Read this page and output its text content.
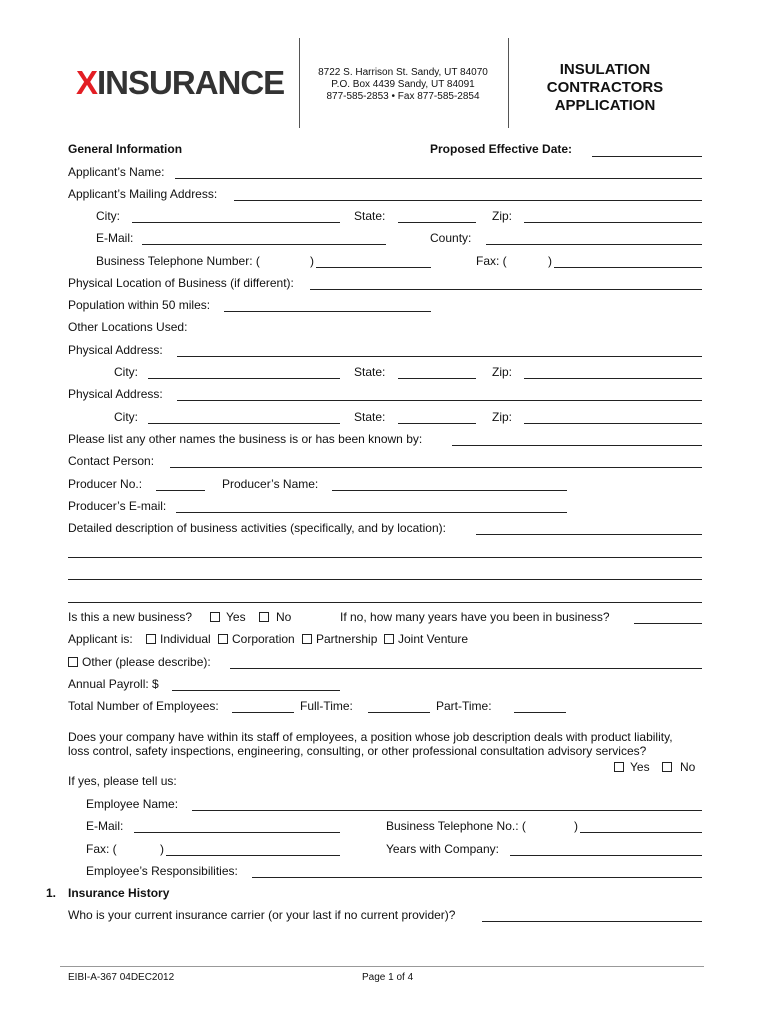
XINSURANCE	8722 S. Harrison St. Sandy, UT 84070
P.O. Box 4439 Sandy, UT 84091
877-585-2853 • Fax 877-585-2854
INSULATION
CONTRACTORS
APPLICATION
General Information	Proposed Effective Date:
Applicant’s Name:
Applicant’s Mailing Address:
City:	State:	Zip:
E-Mail:	County:
Business Telephone Number: (	)	Fax: (	)
Physical Location of Business (if different):
Population within 50 miles:
Other Locations Used:
Physical Address:
City:	State:	Zip:
Physical Address:
City:	State:	Zip:
Please list any other names the business is or has been known by:
Contact Person:
Producer No.:	Producer’s Name:
Producer’s E-mail:
Detailed description of business activities (specifically, and by location):
Is this a new business?	Yes	No	If no, how many years have you been in business?
Applicant is: Individual Corporation Partnership Joint Venture
Other (please describe):
Annual Payroll: $
Total Number of Employees:	Full-Time:	Part-Time:
Does your company have within its staff of employees, a position whose job description deals with product liability, loss control, safety inspections, engineering, consulting, or other professional consultation advisory services?
Yes	No
If yes, please tell us:
Employee Name:
E-Mail:	Business Telephone No.: (	)
Fax: (	)	Years with Company:
Employee’s Responsibilities:
1. Insurance History
Who is your current insurance carrier (or your last if no current provider)?
EIBI-A-367 04DEC2012	Page 1 of 4
